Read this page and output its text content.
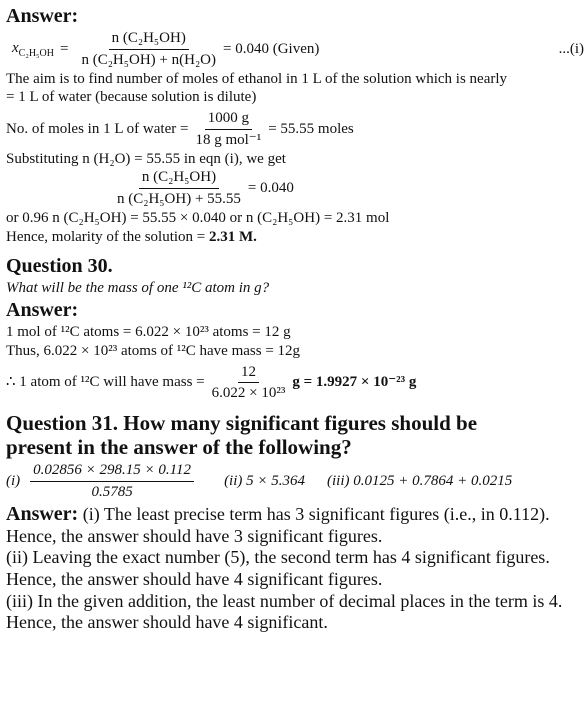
Answer:
$x_{C_2H_5OH} = \frac{\text{n (C₂H₅OH)}}{\text{n (C₂H₅OH) + n(H₂O)}} = 0.040$ (Given)	...(i)
The aim is to find number of moles of ethanol in 1 L of the solution which is nearly
= 1 L of water (because solution is dilute)
No. of moles in 1 L of water = $\frac{1000 g}{\text{18 g mol⁻¹}} = 55.55$ moles
Substituting n (H₂O) = 55.55 in eqn (i), we get
$\frac{\text{n (C₂H₅OH)}}{\text{n (C₂H₅OH) + 55.55}} = 0.040$
or 0.96 n (C₂H₅OH) = 55.55 × 0.040 or n (C₂H₅OH) = 2.31 mol
Hence, molarity of the solution = 2.31 M.
Question 30.
What will be the mass of one ¹²C atom in g?
Answer:
1 mol of ¹²C atoms = 6.022 × 10²³ atoms = 12 g
Thus, 6.022 × 10²³ atoms of ¹²C have mass = 12g
∴ 1 atom of ¹²C will have mass = $\frac{12}{\text{6.022 × 10²³}}$ g = 1.9927 × 10⁻²³ g
Question 31. How many significant figures should be
present in the answer of the following?
$(i) \frac{0.02856 \times 298.15 \times 0.112}{0.5785} (ii) 5 \times 5.364$ (iii) 0.0125 + 0.7864 + 0.0215
Answer: (i) The least precise term has 3 significant figures (i.e., in 0.112). Hence, the answer should have 3 significant figures.
(ii) Leaving the exact number (5), the second term has 4 significant figures. Hence, the answer should have 4 significant figures.
(iii) In the given addition, the least number of decimal places in the term is 4. Hence, the answer should have 4 significant.
